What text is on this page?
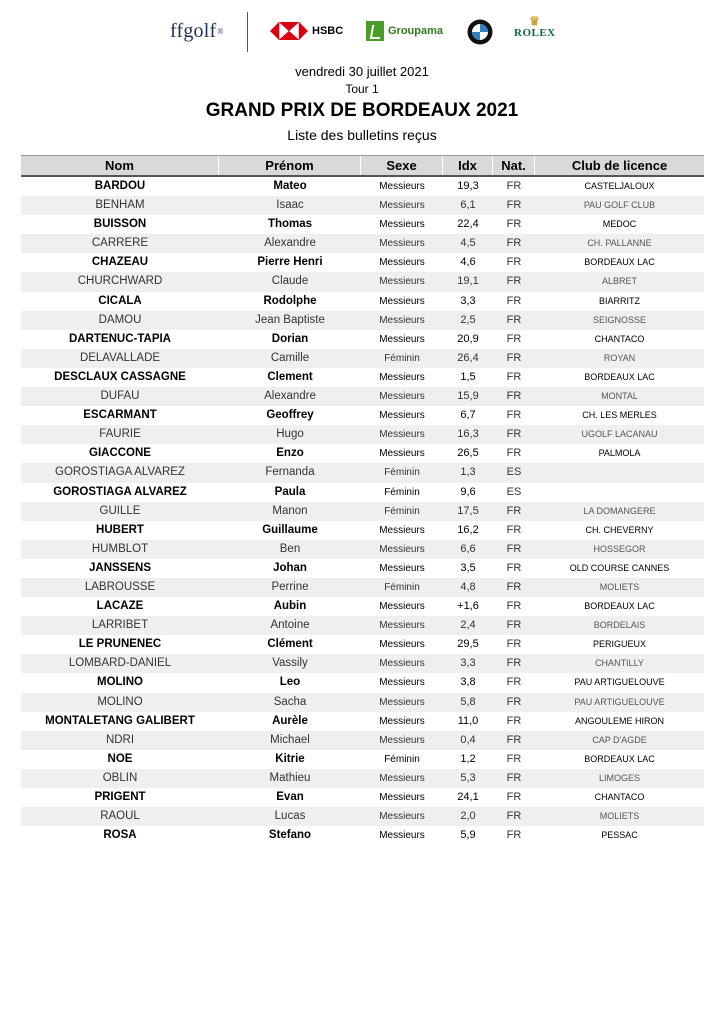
ffgolf ®	HSBC	Groupama
♛
ROLEX
vendredi 30 juillet 2021
Tour 1
GRAND PRIX DE BORDEAUX 2021
Liste des bulletins reçus
Nom	Prénom	Sexe	Idx	Nat.	Club de licence
BARDOU	Mateo	Messieurs	19,3	FR	CASTELJALOUX
BENHAM	Isaac	Messieurs	6,1	FR	PAU GOLF CLUB
BUISSON	Thomas	Messieurs	22,4	FR	MEDOC
CARRERE	Alexandre	Messieurs	4,5	FR	CH. PALLANNE
CHAZEAU	Pierre Henri	Messieurs	4,6	FR	BORDEAUX LAC
CHURCHWARD	Claude	Messieurs	19,1	FR	ALBRET
CICALA	Rodolphe	Messieurs	3,3	FR	BIARRITZ
DAMOU	Jean Baptiste	Messieurs	2,5	FR	SEIGNOSSE
DARTENUC-TAPIA	Dorian	Messieurs	20,9	FR	CHANTACO
DELAVALLADE	Camille	Féminin	26,4	FR	ROYAN
DESCLAUX CASSAGNE	Clement	Messieurs	1,5	FR	BORDEAUX LAC
DUFAU	Alexandre	Messieurs	15,9	FR	MONTAL
ESCARMANT	Geoffrey	Messieurs	6,7	FR	CH. LES MERLES
FAURIE	Hugo	Messieurs	16,3	FR	UGOLF LACANAU
GIACCONE	Enzo	Messieurs	26,5	FR	PALMOLA
GOROSTIAGA ALVAREZ	Fernanda	Féminin	1,3	ES
GOROSTIAGA ALVAREZ	Paula	Féminin	9,6	ES
GUILLE	Manon	Féminin	17,5	FR	LA DOMANGERE
HUBERT	Guillaume	Messieurs	16,2	FR	CH. CHEVERNY
HUMBLOT	Ben	Messieurs	6,6	FR	HOSSEGOR
JANSSENS	Johan	Messieurs	3,5	FR	OLD COURSE CANNES
LABROUSSE	Perrine	Féminin	4,8	FR	MOLIETS
LACAZE	Aubin	Messieurs	+1,6	FR	BORDEAUX LAC
LARRIBET	Antoine	Messieurs	2,4	FR	BORDELAIS
LE PRUNENEC	Clément	Messieurs	29,5	FR	PERIGUEUX
LOMBARD-DANIEL	Vassily	Messieurs	3,3	FR	CHANTILLY
MOLINO	Leo	Messieurs	3,8	FR	PAU ARTIGUELOUVE
MOLINO	Sacha	Messieurs	5,8	FR	PAU ARTIGUELOUVE
MONTALETANG GALIBERT	Aurèle	Messieurs	11,0	FR	ANGOULEME HIRON
NDRI	Michael	Messieurs	0,4	FR	CAP D'AGDE
NOE	Kitrie	Féminin	1,2	FR	BORDEAUX LAC
OBLIN	Mathieu	Messieurs	5,3	FR	LIMOGES
PRIGENT	Evan	Messieurs	24,1	FR	CHANTACO
RAOUL	Lucas	Messieurs	2,0	FR	MOLIETS
ROSA	Stefano	Messieurs	5,9	FR	PESSAC
